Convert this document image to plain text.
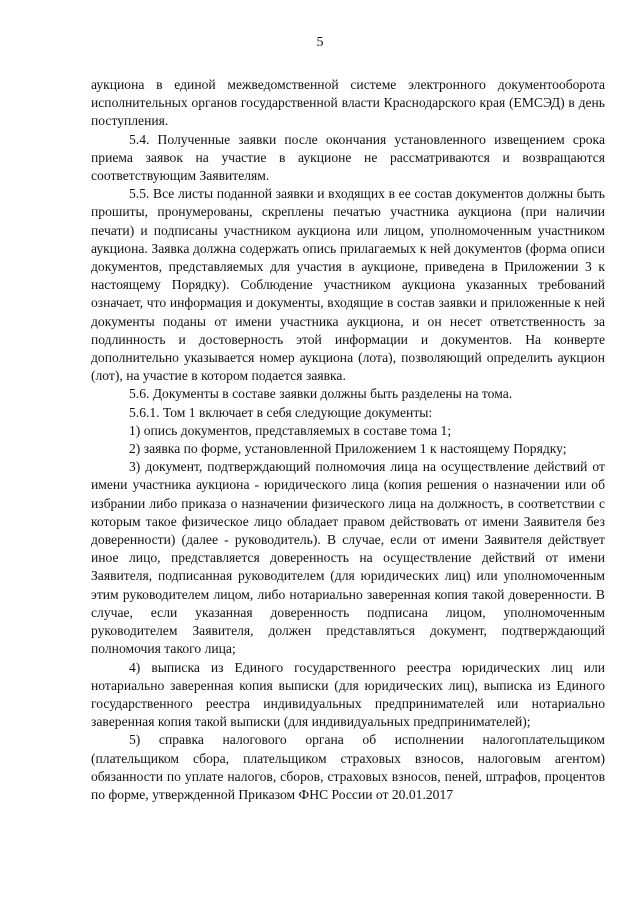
5

аукциона в единой межведомственной системе электронного документооборота исполнительных органов государственной власти Краснодарского края (ЕМСЭД) в день поступления.

5.4. Полученные заявки после окончания установленного извещением срока приема заявок на участие в аукционе не рассматриваются и возвращаются соответствующим Заявителям.

5.5. Все листы поданной заявки и входящих в ее состав документов должны быть прошиты, пронумерованы, скреплены печатью участника аукциона (при наличии печати) и подписаны участником аукциона или лицом, уполномоченным участником аукциона. Заявка должна содержать опись прилагаемых к ней документов (форма описи документов, представляемых для участия в аукционе, приведена в Приложении 3 к настоящему Порядку). Соблюдение участником аукциона указанных требований означает, что информация и документы, входящие в состав заявки и приложенные к ней документы поданы от имени участника аукциона, и он несет ответственность за подлинность и достоверность этой информации и документов. На конверте дополнительно указывается номер аукциона (лота), позволяющий определить аукцион (лот), на участие в котором подается заявка.

5.6. Документы в составе заявки должны быть разделены на тома.

5.6.1. Том 1 включает в себя следующие документы:

1) опись документов, представляемых в составе тома 1;

2) заявка по форме, установленной Приложением 1 к настоящему Порядку;

3) документ, подтверждающий полномочия лица на осуществление действий от имени участника аукциона - юридического лица (копия решения о назначении или об избрании либо приказа о назначении физического лица на должность, в соответствии с которым такое физическое лицо обладает правом действовать от имени Заявителя без доверенности) (далее - руководитель). В случае, если от имени Заявителя действует иное лицо, представляется доверенность на осуществление действий от имени Заявителя, подписанная руководителем (для юридических лиц) или уполномоченным этим руководителем лицом, либо нотариально заверенная копия такой доверенности. В случае, если указанная доверенность подписана лицом, уполномоченным руководителем Заявителя, должен представляться документ, подтверждающий полномочия такого лица;

4) выписка из Единого государственного реестра юридических лиц или нотариально заверенная копия выписки (для юридических лиц), выписка из Единого государственного реестра индивидуальных предпринимателей или нотариально заверенная копия такой выписки (для индивидуальных предпринимателей);

5) справка налогового органа об исполнении налогоплательщиком (плательщиком сбора, плательщиком страховых взносов, налоговым агентом) обязанности по уплате налогов, сборов, страховых взносов, пеней, штрафов, процентов по форме, утвержденной Приказом ФНС России от 20.01.2017
